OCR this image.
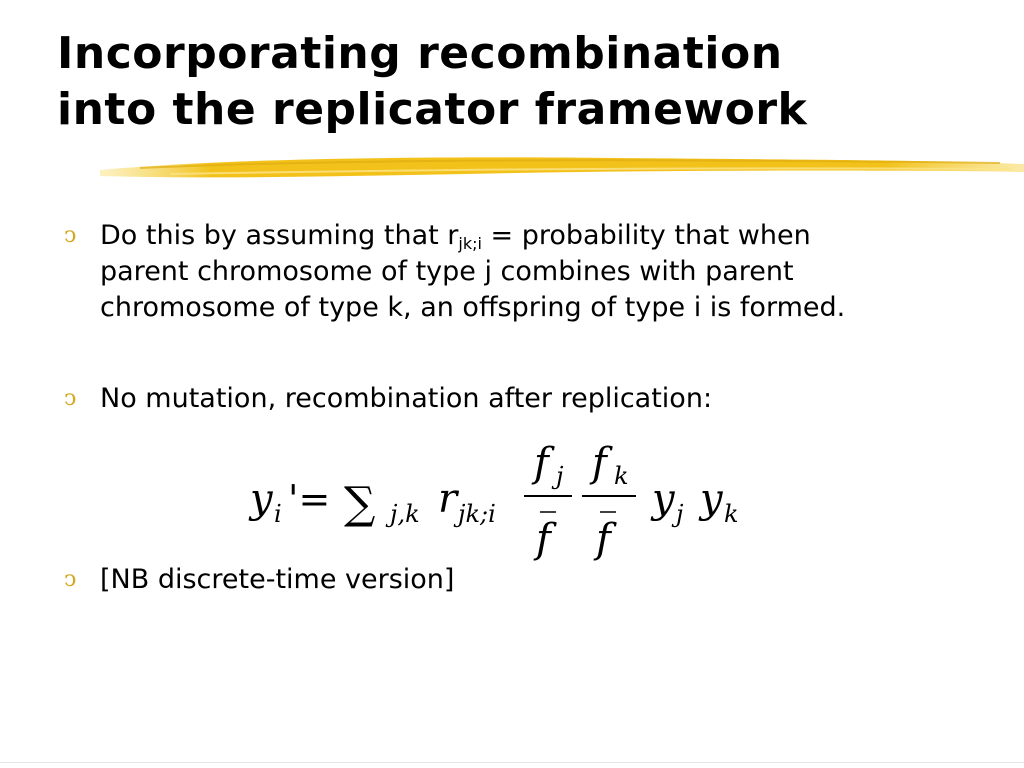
Incorporating recombination
into the replicator framework
ↄ Do this by assuming that $r_{jk;i}$ = probability that when
parent chromosome of type j combines with parent
chromosome of type k, an offspring of type i is formed.
ↄ No mutation, recombination after replication:
y i '= ∑ j,k r jk;i
f j
f
f k
f
y j y k
ↄ [NB discrete-time version]
